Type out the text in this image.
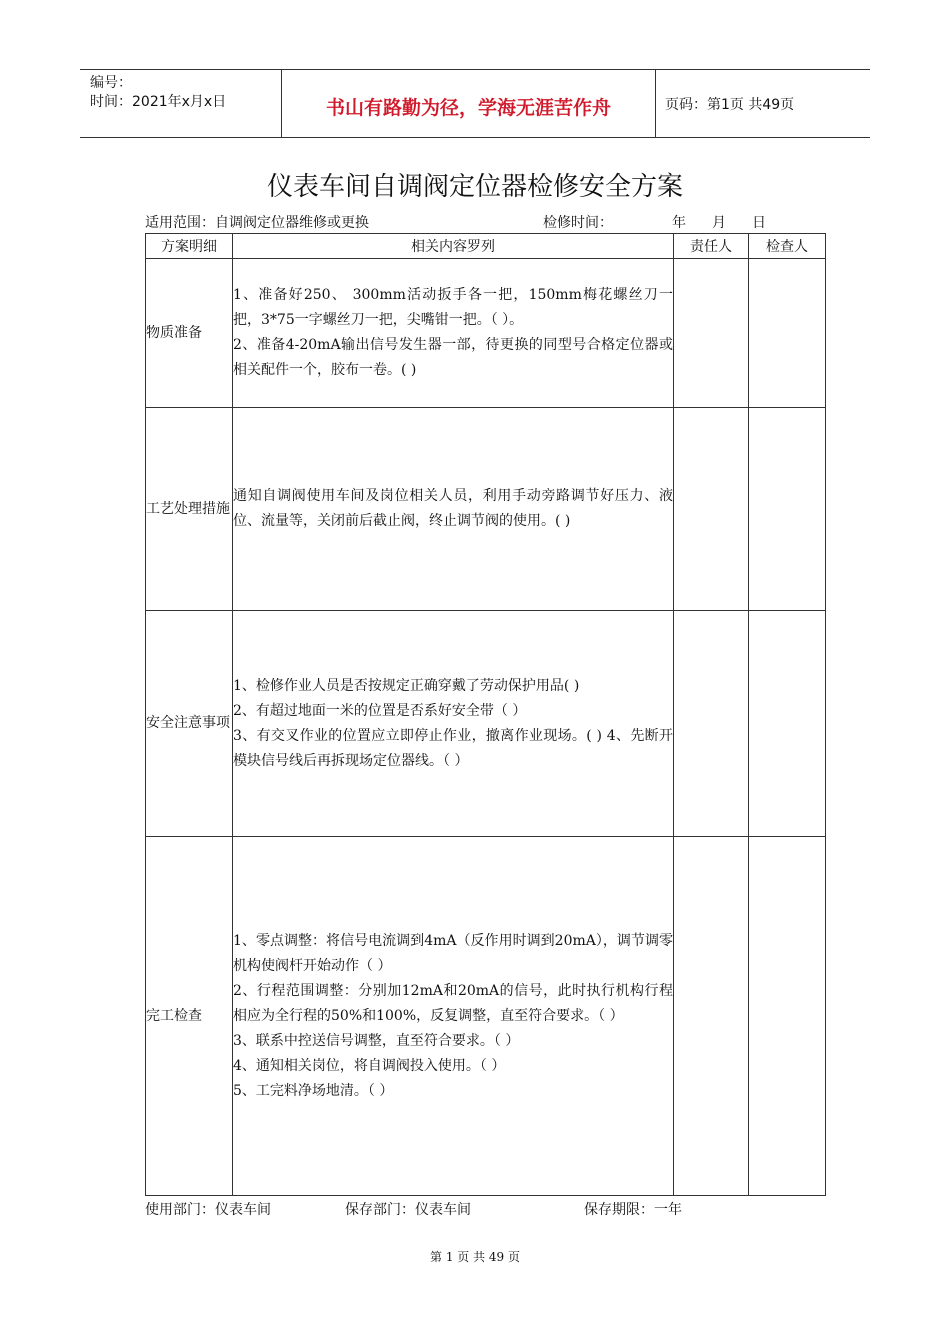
编号：
时间：2021年x月x日	书山有路勤为径，学海无涯苦作舟	页码：第1页 共49页
仪表车间自调阀定位器检修安全方案
适用范围：自调阀定位器维修或更换	检修时间：	年 月 日
方案明细	相关内容罗列	责任人	检查人
物质准备	1、准备好250、 300mm活动扳手各一把，150mm梅花螺丝刀一把，3*75一字螺丝刀一把，尖嘴钳一把。（ ）。
2、准备4-20mA输出信号发生器一部，待更换的同型号合格定位器或相关配件一个，胶布一卷。( )		

工艺处理措施	通知自调阀使用车间及岗位相关人员，利用手动旁路调节好压力、液位、流量等，关闭前后截止阀，终止调节阀的使用。( )		

安全注意事项	1、检修作业人员是否按规定正确穿戴了劳动保护用品( )
2、有超过地面一米的位置是否系好安全带（ ）
3、有交叉作业的位置应立即停止作业，撤离作业现场。( ) 4、先断开模块信号线后再拆现场定位器线。（ ）		

完工检查	1、零点调整：将信号电流调到4mA（反作用时调到20mA），调节调零机构使阀杆开始动作（ ）
2、行程范围调整：分别加12mA和20mA的信号，此时执行机构行程相应为全行程的50%和100%，反复调整，直至符合要求。（ ）
3、联系中控送信号调整，直至符合要求。（ ）
4、通知相关岗位，将自调阀投入使用。（ ）
5、工完料净场地清。（ ）		

使用部门：仪表车间	保存部门：仪表车间	保存期限：一年
第 1 页 共 49 页
